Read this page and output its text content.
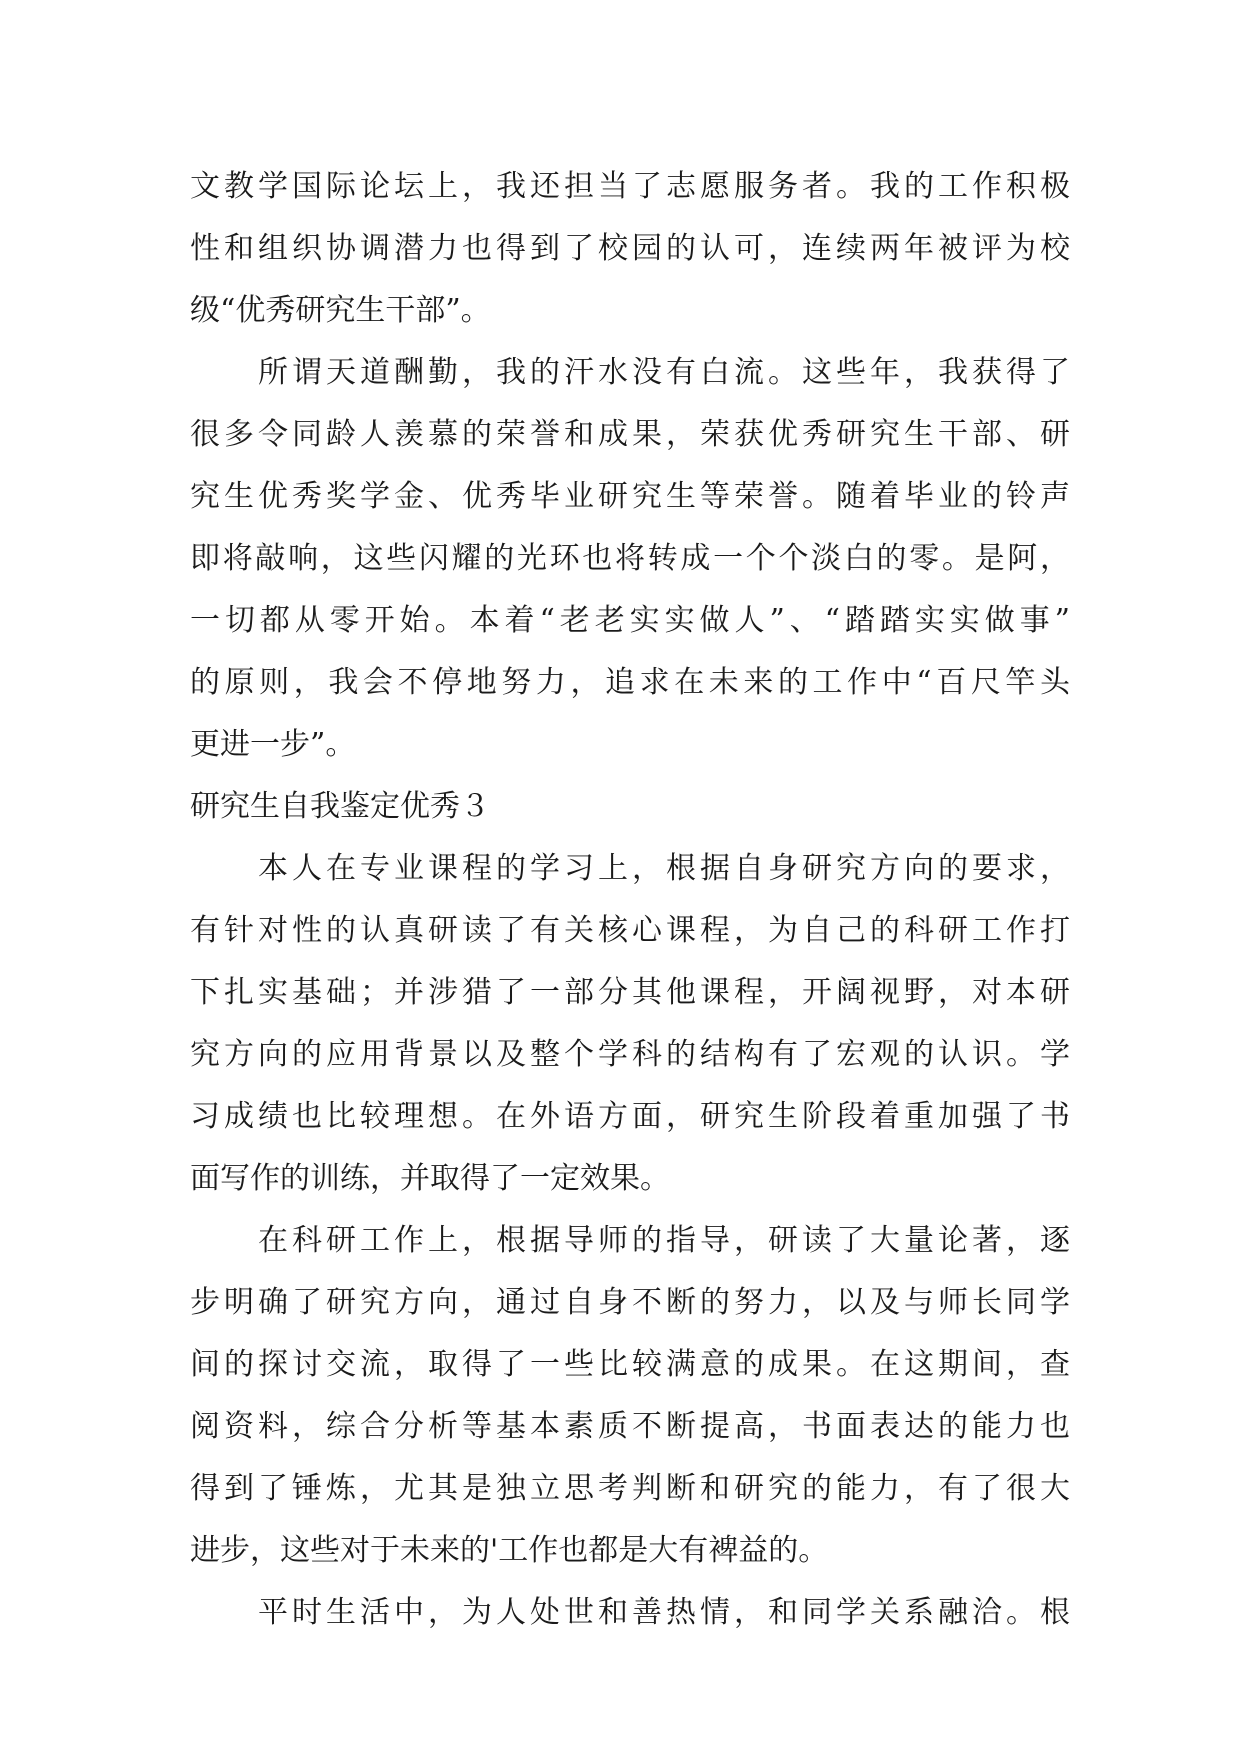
文教学国际论坛上，我还担当了志愿服务者。我的工作积极
性和组织协调潜力也得到了校园的认可，连续两年被评为校
级“优秀研究生干部”。
所谓天道酬勤，我的汗水没有白流。这些年，我获得了
很多令同龄人羡慕的荣誉和成果，荣获优秀研究生干部、研
究生优秀奖学金、优秀毕业研究生等荣誉。随着毕业的铃声
即将敲响，这些闪耀的光环也将转成一个个淡白的零。是阿，
一切都从零开始。本着“老老实实做人”、“踏踏实实做事”
的原则，我会不停地努力，追求在未来的工作中“百尺竿头
更进一步”。
研究生自我鉴定优秀３
本人在专业课程的学习上，根据自身研究方向的要求，
有针对性的认真研读了有关核心课程，为自己的科研工作打
下扎实基础；并涉猎了一部分其他课程，开阔视野，对本研
究方向的应用背景以及整个学科的结构有了宏观的认识。学
习成绩也比较理想。在外语方面，研究生阶段着重加强了书
面写作的训练，并取得了一定效果。
在科研工作上，根据导师的指导，研读了大量论著，逐
步明确了研究方向，通过自身不断的努力，以及与师长同学
间的探讨交流，取得了一些比较满意的成果。在这期间，查
阅资料，综合分析等基本素质不断提高，书面表达的能力也
得到了锤炼，尤其是独立思考判断和研究的能力，有了很大
进步，这些对于未来的'工作也都是大有裨益的。
平时生活中，为人处世和善热情，和同学关系融洽。根
